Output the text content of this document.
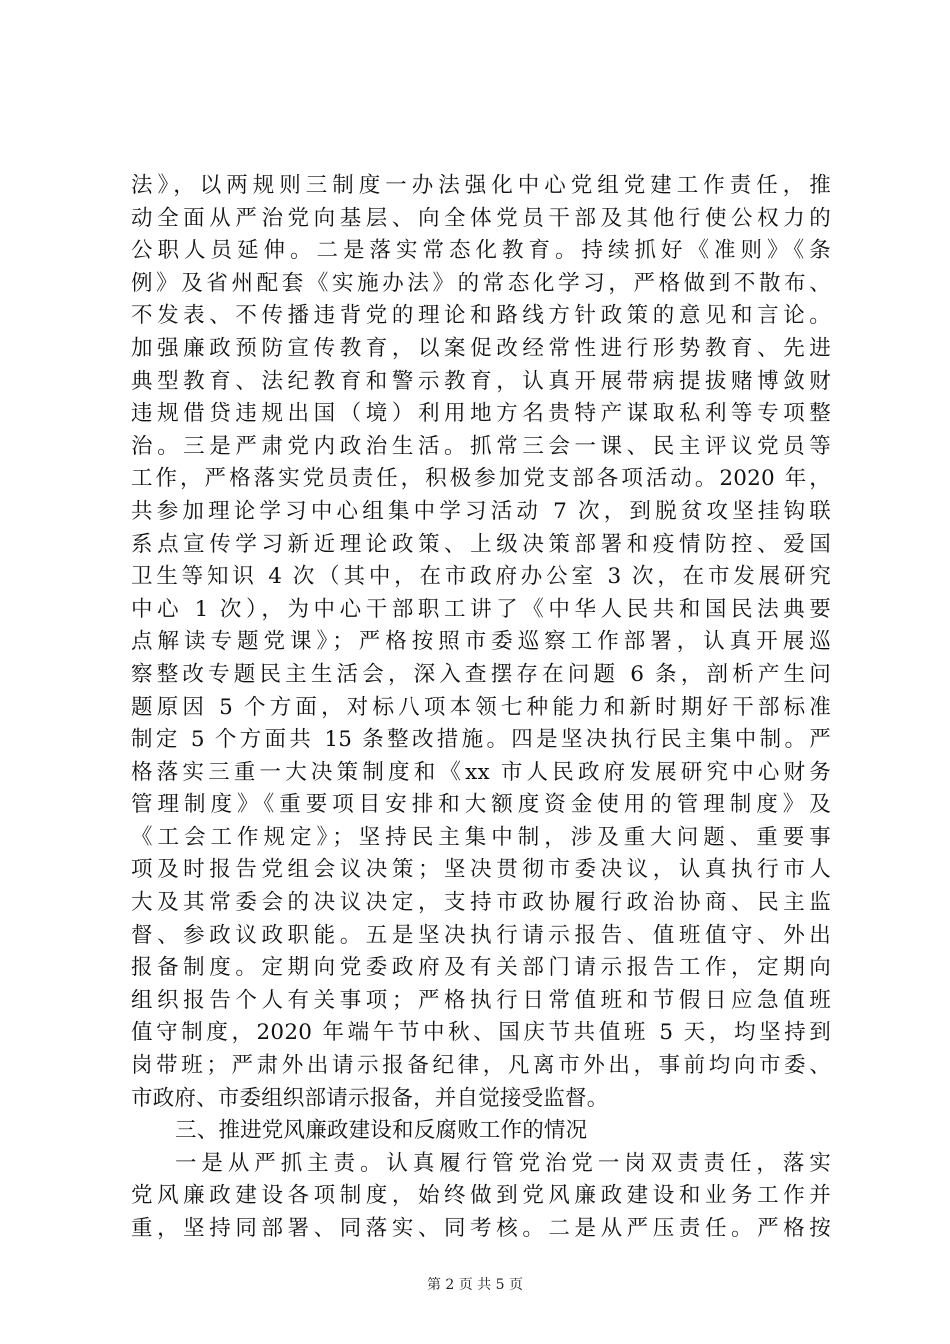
法》，以两规则三制度一办法强化中心党组党建工作责任，推
动全面从严治党向基层、向全体党员干部及其他行使公权力的
公职人员延伸。二是落实常态化教育。持续抓好《准则》《条
例》及省州配套《实施办法》的常态化学习，严格做到不散布、
不发表、不传播违背党的理论和路线方针政策的意见和言论。
加强廉政预防宣传教育，以案促改经常性进行形势教育、先进
典型教育、法纪教育和警示教育，认真开展带病提拔赌博敛财
违规借贷违规出国（境）利用地方名贵特产谋取私利等专项整
治。三是严肃党内政治生活。抓常三会一课、民主评议党员等
工作，严格落实党员责任，积极参加党支部各项活动。2020 年，
共参加理论学习中心组集中学习活动 7 次，到脱贫攻坚挂钩联
系点宣传学习新近理论政策、上级决策部署和疫情防控、爱国
卫生等知识 4 次（其中，在市政府办公室 3 次，在市发展研究
中心 1 次），为中心干部职工讲了《中华人民共和国民法典要
点解读专题党课》；严格按照市委巡察工作部署，认真开展巡
察整改专题民主生活会，深入查摆存在问题 6 条，剖析产生问
题原因 5 个方面，对标八项本领七种能力和新时期好干部标准
制定 5 个方面共 15 条整改措施。四是坚决执行民主集中制。严
格落实三重一大决策制度和《xx 市人民政府发展研究中心财务
管理制度》《重要项目安排和大额度资金使用的管理制度》及
《工会工作规定》；坚持民主集中制，涉及重大问题、重要事
项及时报告党组会议决策；坚决贯彻市委决议，认真执行市人
大及其常委会的决议决定，支持市政协履行政治协商、民主监
督、参政议政职能。五是坚决执行请示报告、值班值守、外出
报备制度。定期向党委政府及有关部门请示报告工作，定期向
组织报告个人有关事项；严格执行日常值班和节假日应急值班
值守制度，2020 年端午节中秋、国庆节共值班 5 天，均坚持到
岗带班；严肃外出请示报备纪律，凡离市外出，事前均向市委、
市政府、市委组织部请示报备，并自觉接受监督。
三、推进党风廉政建设和反腐败工作的情况
一是从严抓主责。认真履行管党治党一岗双责责任，落实
党风廉政建设各项制度，始终做到党风廉政建设和业务工作并
重，坚持同部署、同落实、同考核。二是从严压责任。严格按
第 2 页 共 5 页
